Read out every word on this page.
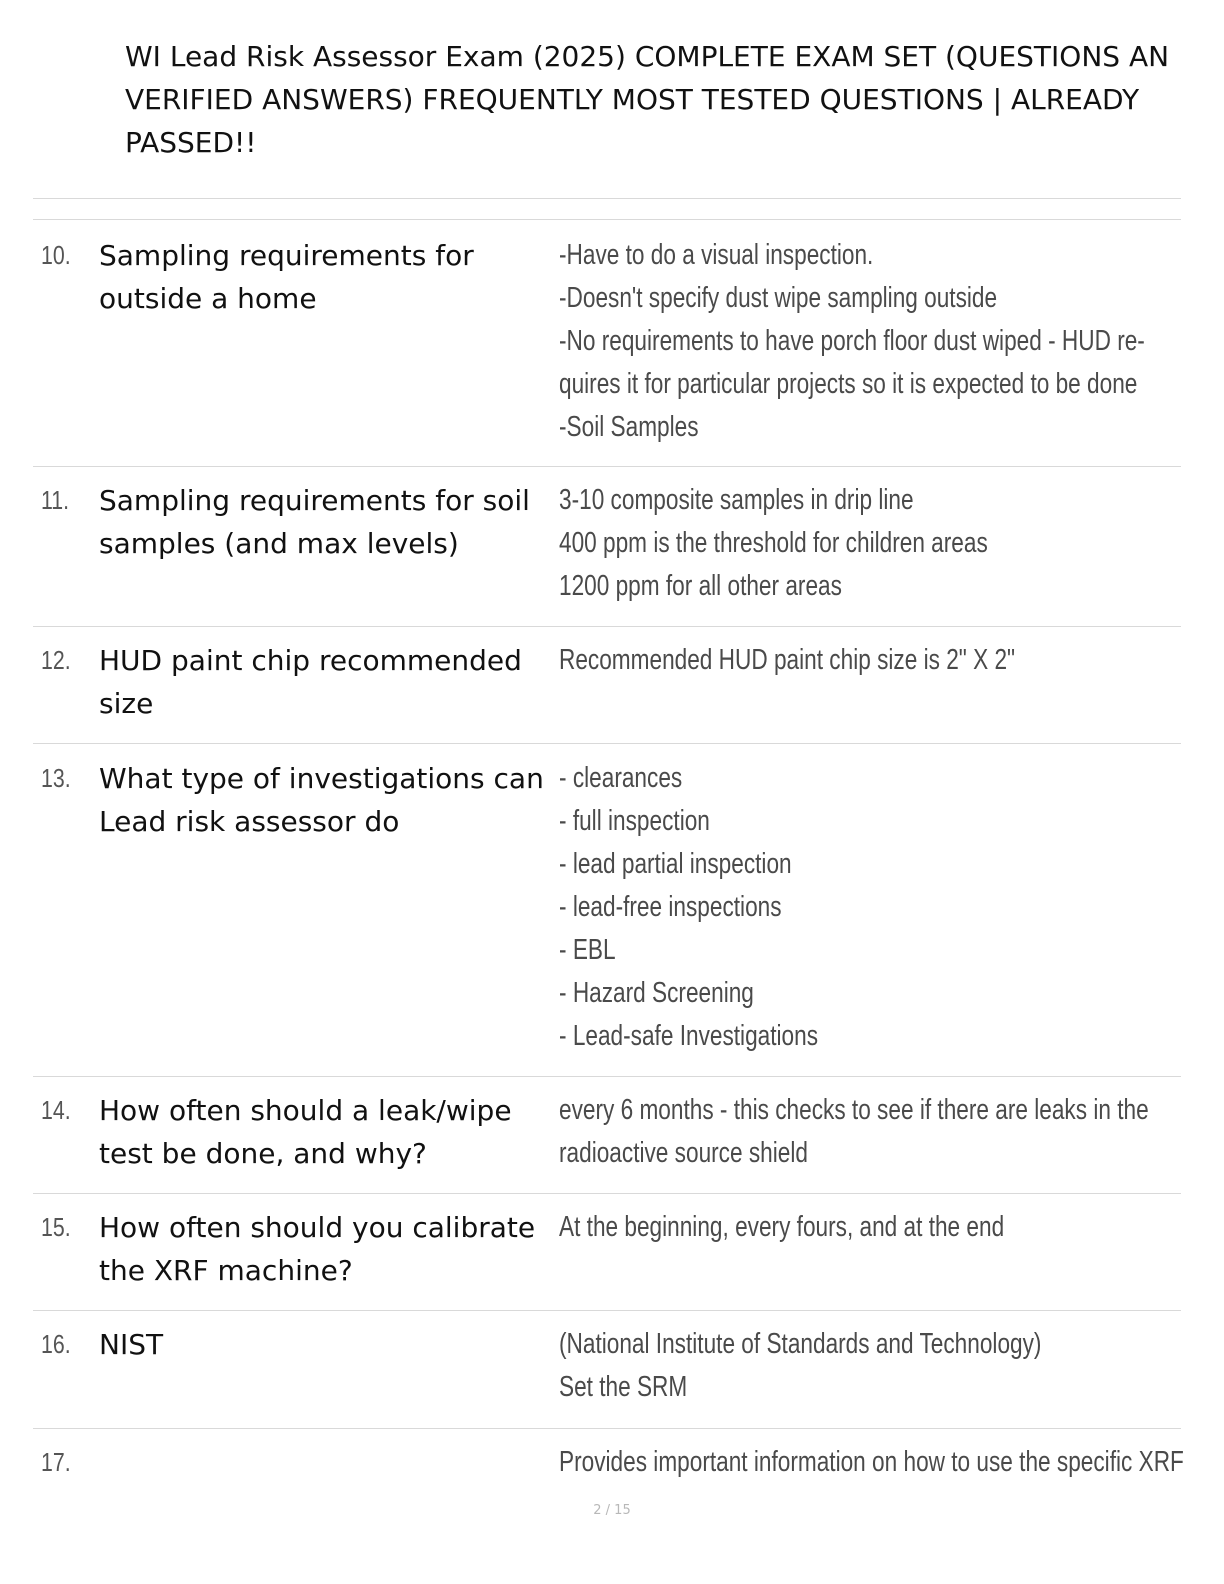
WI Lead Risk Assessor Exam (2025) COMPLETE EXAM SET (QUESTIONS AN
VERIFIED ANSWERS) FREQUENTLY MOST TESTED QUESTIONS | ALREADY
PASSED!!
10. Sampling requirements for outside a home
-Have to do a visual inspection.
-Doesn't specify dust wipe sampling outside
-No requirements to have porch floor dust wiped - HUD re-
quires it for particular projects so it is expected to be done
-Soil Samples
11. Sampling requirements for soil samples (and max levels)
3-10 composite samples in drip line
400 ppm is the threshold for children areas
1200 ppm for all other areas
12. HUD paint chip recommended size
Recommended HUD paint chip size is 2" X 2"
13. What type of investigations can Lead risk assessor do
- clearances
- full inspection
- lead partial inspection
- lead-free inspections
- EBL
- Hazard Screening
- Lead-safe Investigations
14. How often should a leak/wipe test be done, and why?
every 6 months - this checks to see if there are leaks in the
radioactive source shield
15. How often should you calibrate the XRF machine?
At the beginning, every fours, and at the end
16. NIST	(National Institute of Standards and Technology)
Set the SRM
17.	Provides important information on how to use the specific XRF
2 / 15
